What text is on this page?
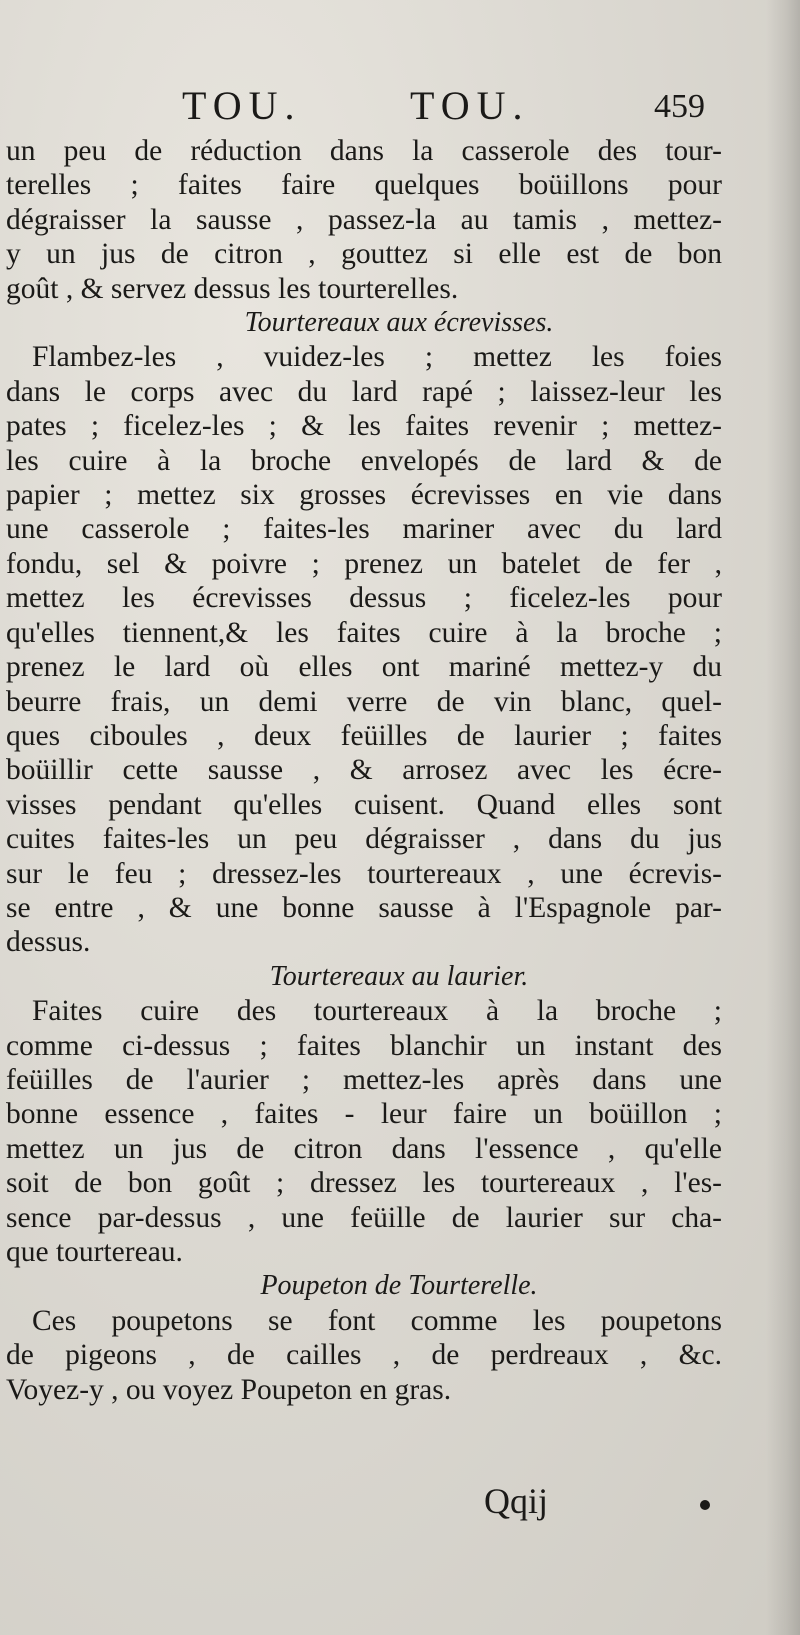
TOU.	TOU.	459
un peu de réduction dans la casserole des tour-
terelles ; faites faire quelques boüillons pour
dégraisser la sausse , passez-la au tamis , mettez-
y un jus de citron , gouttez si elle est de bon
goût , & servez dessus les tourterelles.
Tourtereaux aux écrevisses.
Flambez-les , vuidez-les ; mettez les foies
dans le corps avec du lard rapé ; laissez-leur les
pates ; ficelez-les ; & les faites revenir ; mettez-
les cuire à la broche envelopés de lard & de
papier ; mettez six grosses écrevisses en vie dans
une casserole ; faites-les mariner avec du lard
fondu, sel & poivre ; prenez un batelet de fer ,
mettez les écrevisses dessus ; ficelez-les pour
qu'elles tiennent,& les faites cuire à la broche ;
prenez le lard où elles ont mariné mettez-y du
beurre frais, un demi verre de vin blanc, quel-
ques ciboules , deux feüilles de laurier ; faites
boüillir cette sausse , & arrosez avec les écre-
visses pendant qu'elles cuisent. Quand elles sont
cuites faites-les un peu dégraisser , dans du jus
sur le feu ; dressez-les tourtereaux , une écrevis-
se entre , & une bonne sausse à l'Espagnole par-
dessus.
Tourtereaux au laurier.
Faites cuire des tourtereaux à la broche ;
comme ci-dessus ; faites blanchir un instant des
feüilles de l'aurier ; mettez-les après dans une
bonne essence , faites - leur faire un boüillon ;
mettez un jus de citron dans l'essence , qu'elle
soit de bon goût ; dressez les tourtereaux , l'es-
sence par-dessus , une feüille de laurier sur cha-
que tourtereau.
Poupeton de Tourterelle.
Ces poupetons se font comme les poupetons
de pigeons , de cailles , de perdreaux , &c.
Voyez-y , ou voyez Poupeton en gras.
Qqij
